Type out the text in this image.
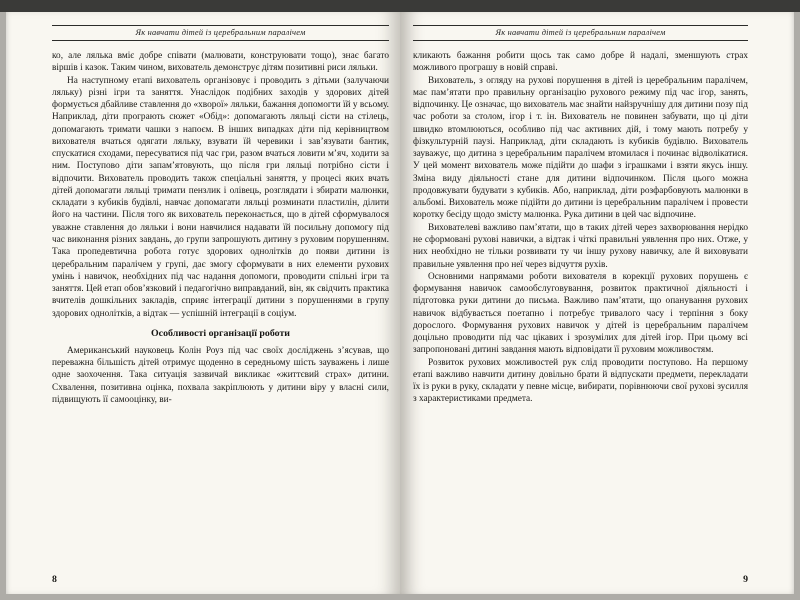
Як навчати дітей із церебральним паралічем

ко, але лялька вміє добре співати (малювати, конструювати тощо), знає багато віршів і казок. Таким чином, вихователь демонструє дітям позитивні риси ляльки.

На наступному етапі вихователь організовує і проводить з дітьми (залучаючи ляльку) різні ігри та заняття. Унаслідок подібних заходів у здорових дітей формується дбайливе ставлення до «хворої» ляльки, бажання допомогти їй у всьому. Наприклад, діти програють сюжет «Обід»: допомагають ляльці сісти на стілець, допомагають тримати чашки з напоєм. В інших випадках діти під керівництвом вихователя вчаться одягати ляльку, взувати їй черевики і зав’язувати бантик, спускатися сходами, пересуватися під час гри, разом вчаться ловити м’яч, ходити за ним. Поступово діти запам’ятовують, що після гри ляльці потрібно сісти і відпочити. Вихователь проводить також спеціальні заняття, у процесі яких вчать дітей допомагати ляльці тримати пензлик і олівець, розглядати і збирати малюнки, складати з кубиків будівлі, навчає допомагати ляльці розминати пластилін, ділити його на частини. Після того як вихователь переконається, що в дітей сформувалося уважне ставлення до ляльки і вони навчилися надавати їй посильну допомогу під час виконання різних завдань, до групи запрошують дитину з руховим порушенням. Така пропедевтична робота готує здорових однолітків до появи дитини із церебральним паралічем у групі, дає змогу сформувати в них елементи рухових умінь і навичок, необхідних під час надання допомоги, проводити спільні ігри та заняття. Цей етап обов’язковий і педагогічно виправданий, він, як свідчить практика вчителів дошкільних закладів, сприяє інтеграції дитини з порушеннями в групу здорових однолітків, а відтак — успішній інтеграції в соціум.

Особливості організації роботи

Американський науковець Колін Роуз під час своїх досліджень з’ясував, що переважна більшість дітей отримує щоденно в середньому шість зауважень і лише одне заохочення. Така ситуація зазвичай викликає «життєвий страх» дитини. Схвалення, позитивна оцінка, похвала закріплюють у дитини віру у власні сили, підвищують її самооцінку, ви-

8
Як навчати дітей із церебральним паралічем

кликають бажання робити щось так само добре й надалі, зменшують страх можливого програшу в новій справі.

Вихователь, з огляду на рухові порушення в дітей із церебральним паралічем, має пам’ятати про правильну організацію рухового режиму під час ігор, занять, відпочинку. Це означає, що вихователь має знайти найзручнішу для дитини позу під час роботи за столом, ігор і т. ін. Вихователь не повинен забувати, що ці діти швидко втомлюються, особливо під час активних дій, і тому мають потребу у фізкультурній паузі. Наприклад, діти складають із кубиків будівлю. Вихователь зауважує, що дитина з церебральним паралічем втомилася і починає відволікатися. У цей момент вихователь може підійти до шафи з іграшками і взяти якусь іншу. Зміна виду діяльності стане для дитини відпочинком. Після цього можна продовжувати будувати з кубиків. Або, наприклад, діти розфарбовують малюнки в альбомі. Вихователь може підійти до дитини із церебральним паралічем і провести коротку бесіду щодо змісту малюнка. Рука дитини в цей час відпочине.

Вихователеві важливо пам’ятати, що в таких дітей через захворювання нерідко не сформовані рухові навички, а відтак і чіткі правильні уявлення про них. Отже, у них необхідно не тільки розвивати ту чи іншу рухову навичку, але й виховувати правильне уявлення про неї через відчуття рухів.

Основними напрямами роботи вихователя в корекції рухових порушень є формування навичок самообслуговування, розвиток практичної діяльності і підготовка руки дитини до письма. Важливо пам’ятати, що опанування рухових навичок відбувається поетапно і потребує тривалого часу і терпіння з боку дорослого. Формування рухових навичок у дітей із церебральним паралічем доцільно проводити під час цікавих і зрозумілих для дітей ігор. При цьому всі запропоновані дитині завдання мають відповідати її руховим можливостям.

Розвиток рухових можливостей рук слід проводити поступово. На першому етапі важливо навчити дитину довільно брати й відпускати предмети, перекладати їх із руки в руку, складати у певне місце, вибирати, порівнюючи свої рухові зусилля з характеристиками предмета.

9
